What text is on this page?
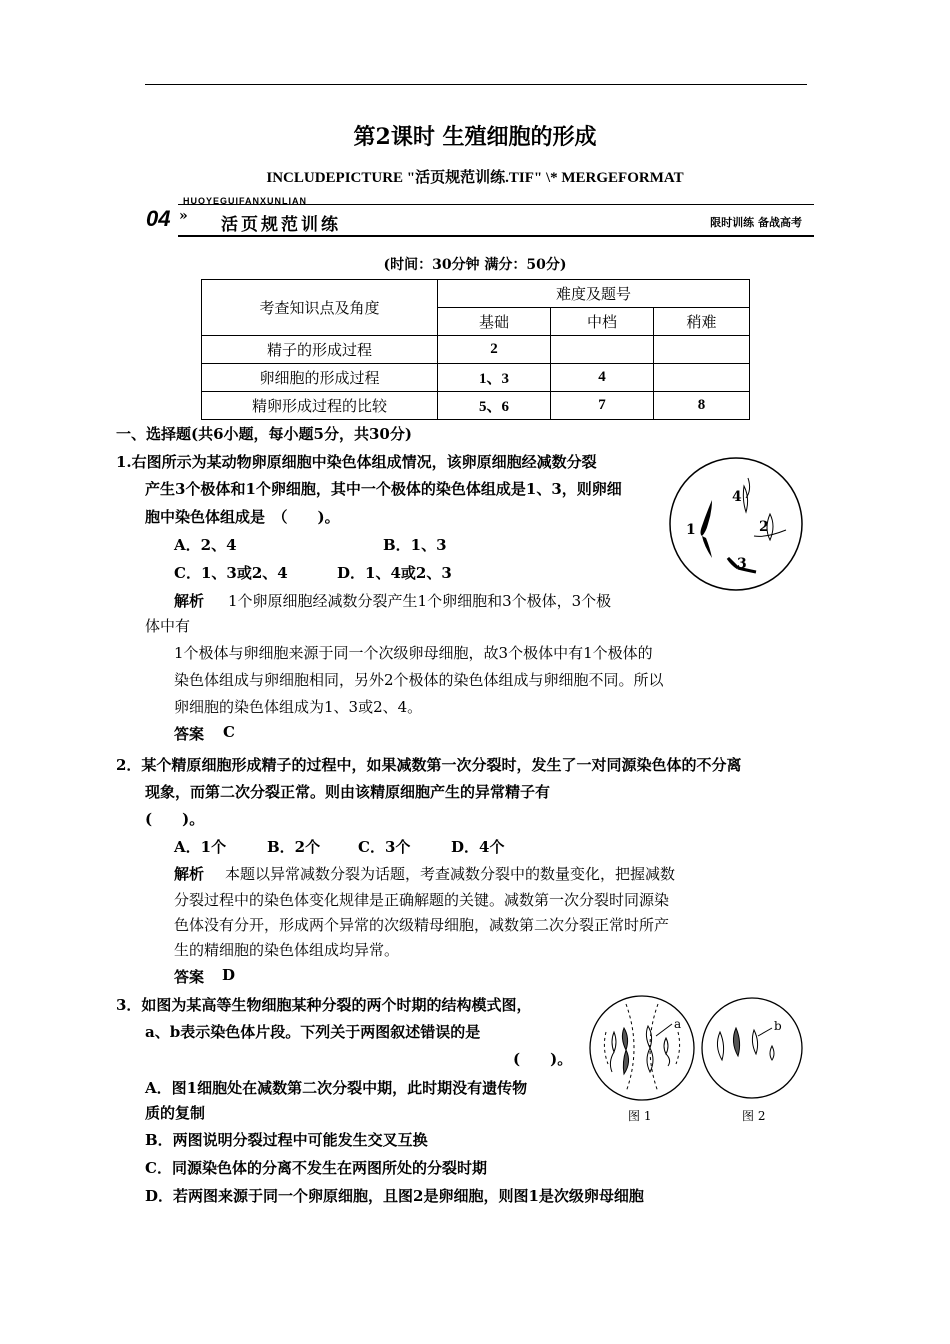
第2课时 生殖细胞的形成
INCLUDEPICTURE "活页规范训练.TIF" \* MERGEFORMAT
HUOYEGUIFANXUNLIAN
04 » 活页规范训练	限时训练 备战高考
(时间：30分钟 满分：50分)
考查知识点及角度	难度及题号		
	基础	中档	稍难
精子的形成过程	2		
卵细胞的形成过程	1、3	4	
精卵形成过程的比较	5、6	7	8
一、选择题(共6小题，每小题5分，共30分)
1.右图所示为某动物卵原细胞中染色体组成情况，该卵原细胞经减数分裂
产生3个极体和1个卵细胞，其中一个极体的染色体组成是1、3，则卵细
胞中染色体组成是　（　　)。
A．2、4	B．1、3
C．1、3或2、4	D．1、4或2、3
解析 1个卵原细胞经减数分裂产生1个卵细胞和3个极体，3个极
体中有
1个极体与卵细胞来源于同一个次级卵母细胞，故3个极体中有1个极体的
染色体组成与卵细胞相同，另外2个极体的染色体组成与卵细胞不同。所以
卵细胞的染色体组成为1、3或2、4。
答案 C
1	2
3
4
2．某个精原细胞形成精子的过程中，如果减数第一次分裂时，发生了一对同源染色体的不分离
现象，而第二次分裂正常。则由该精原细胞产生的异常精子有
(　　)。
A．1个	B．2个	C．3个	D．4个
解析 本题以异常减数分裂为话题，考查减数分裂中的数量变化，把握减数
分裂过程中的染色体变化规律是正确解题的关键。减数第一次分裂时同源染
色体没有分开，形成两个异常的次级精母细胞，减数第二次分裂正常时所产
生的精细胞的染色体组成均异常。
答案 D
3．如图为某高等生物细胞某种分裂的两个时期的结构模式图，
a、b表示染色体片段。下列关于两图叙述错误的是
(　　)。
A．图1细胞处在减数第二次分裂中期，此时期没有遗传物
质的复制
B．两图说明分裂过程中可能发生交叉互换
C．同源染色体的分离不发生在两图所处的分裂时期
D．若两图来源于同一个卵原细胞，且图2是卵细胞，则图1是次级卵母细胞
a
图 1
b
图 2
